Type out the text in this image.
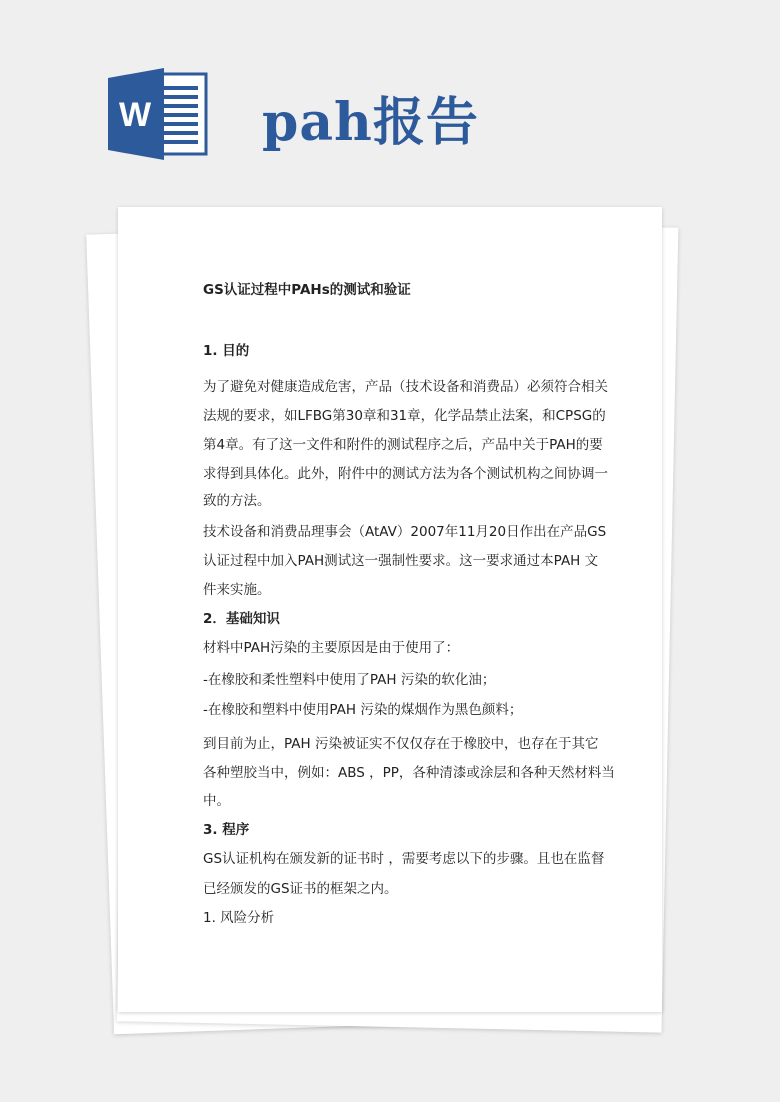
W pah报告
GS认证过程中PAHs的测试和验证
1. 目的
为了避免对健康造成危害，产品（技术设备和消费品）必须符合相关
法规的要求，如LFBG第30章和31章，化学品禁止法案，和CPSG的
第4章。有了这一文件和附件的测试程序之后，产品中关于PAH的要
求得到具体化。此外，附件中的测试方法为各个测试机构之间协调一
致的方法。
技术设备和消费品理事会（AtAV）2007年11月20日作出在产品GS
认证过程中加入PAH测试这一强制性要求。这一要求通过本PAH 文
件来实施。
2．基础知识
材料中PAH污染的主要原因是由于使用了：
-在橡胶和柔性塑料中使用了PAH 污染的软化油；
-在橡胶和塑料中使用PAH 污染的煤烟作为黑色颜料；
到目前为止，PAH 污染被证实不仅仅存在于橡胶中，也存在于其它
各种塑胶当中，例如：ABS ，PP，各种清漆或涂层和各种天然材料当
中。
3. 程序
GS认证机构在颁发新的证书时 ，需要考虑以下的步骤。且也在监督
已经颁发的GS证书的框架之内。
1. 风险分析
